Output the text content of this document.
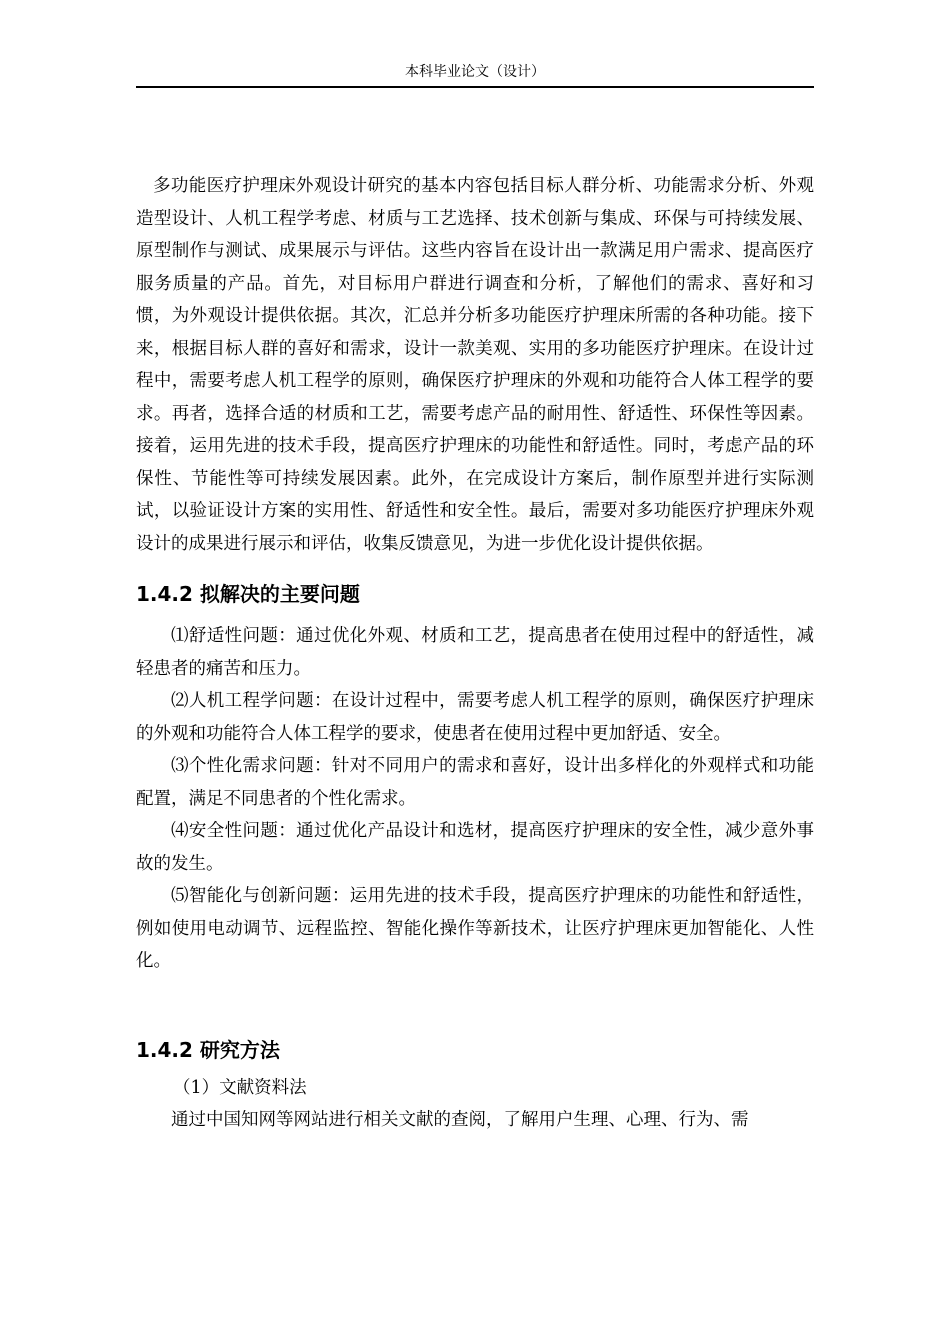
本科毕业论文（设计）

多功能医疗护理床外观设计研究的基本内容包括目标人群分析、功能需求分析、外观造型设计、人机工程学考虑、材质与工艺选择、技术创新与集成、环保与可持续发展、原型制作与测试、成果展示与评估。这些内容旨在设计出一款满足用户需求、提高医疗服务质量的产品。首先，对目标用户群进行调查和分析，了解他们的需求、喜好和习惯，为外观设计提供依据。其次，汇总并分析多功能医疗护理床所需的各种功能。接下来，根据目标人群的喜好和需求，设计一款美观、实用的多功能医疗护理床。在设计过程中，需要考虑人机工程学的原则，确保医疗护理床的外观和功能符合人体工程学的要求。再者，选择合适的材质和工艺，需要考虑产品的耐用性、舒适性、环保性等因素。接着，运用先进的技术手段，提高医疗护理床的功能性和舒适性。同时，考虑产品的环保性、节能性等可持续发展因素。此外，在完成设计方案后，制作原型并进行实际测试，以验证设计方案的实用性、舒适性和安全性。最后，需要对多功能医疗护理床外观设计的成果进行展示和评估，收集反馈意见，为进一步优化设计提供依据。

1.4.2 拟解决的主要问题

⑴舒适性问题：通过优化外观、材质和工艺，提高患者在使用过程中的舒适性，减轻患者的痛苦和压力。

⑵人机工程学问题：在设计过程中，需要考虑人机工程学的原则，确保医疗护理床的外观和功能符合人体工程学的要求，使患者在使用过程中更加舒适、安全。

⑶个性化需求问题：针对不同用户的需求和喜好，设计出多样化的外观样式和功能配置，满足不同患者的个性化需求。

⑷安全性问题：通过优化产品设计和选材，提高医疗护理床的安全性，减少意外事故的发生。

⑸智能化与创新问题：运用先进的技术手段，提高医疗护理床的功能性和舒适性，例如使用电动调节、远程监控、智能化操作等新技术，让医疗护理床更加智能化、人性化。

1.4.2 研究方法

（1）文献资料法

通过中国知网等网站进行相关文献的查阅，了解用户生理、心理、行为、需
